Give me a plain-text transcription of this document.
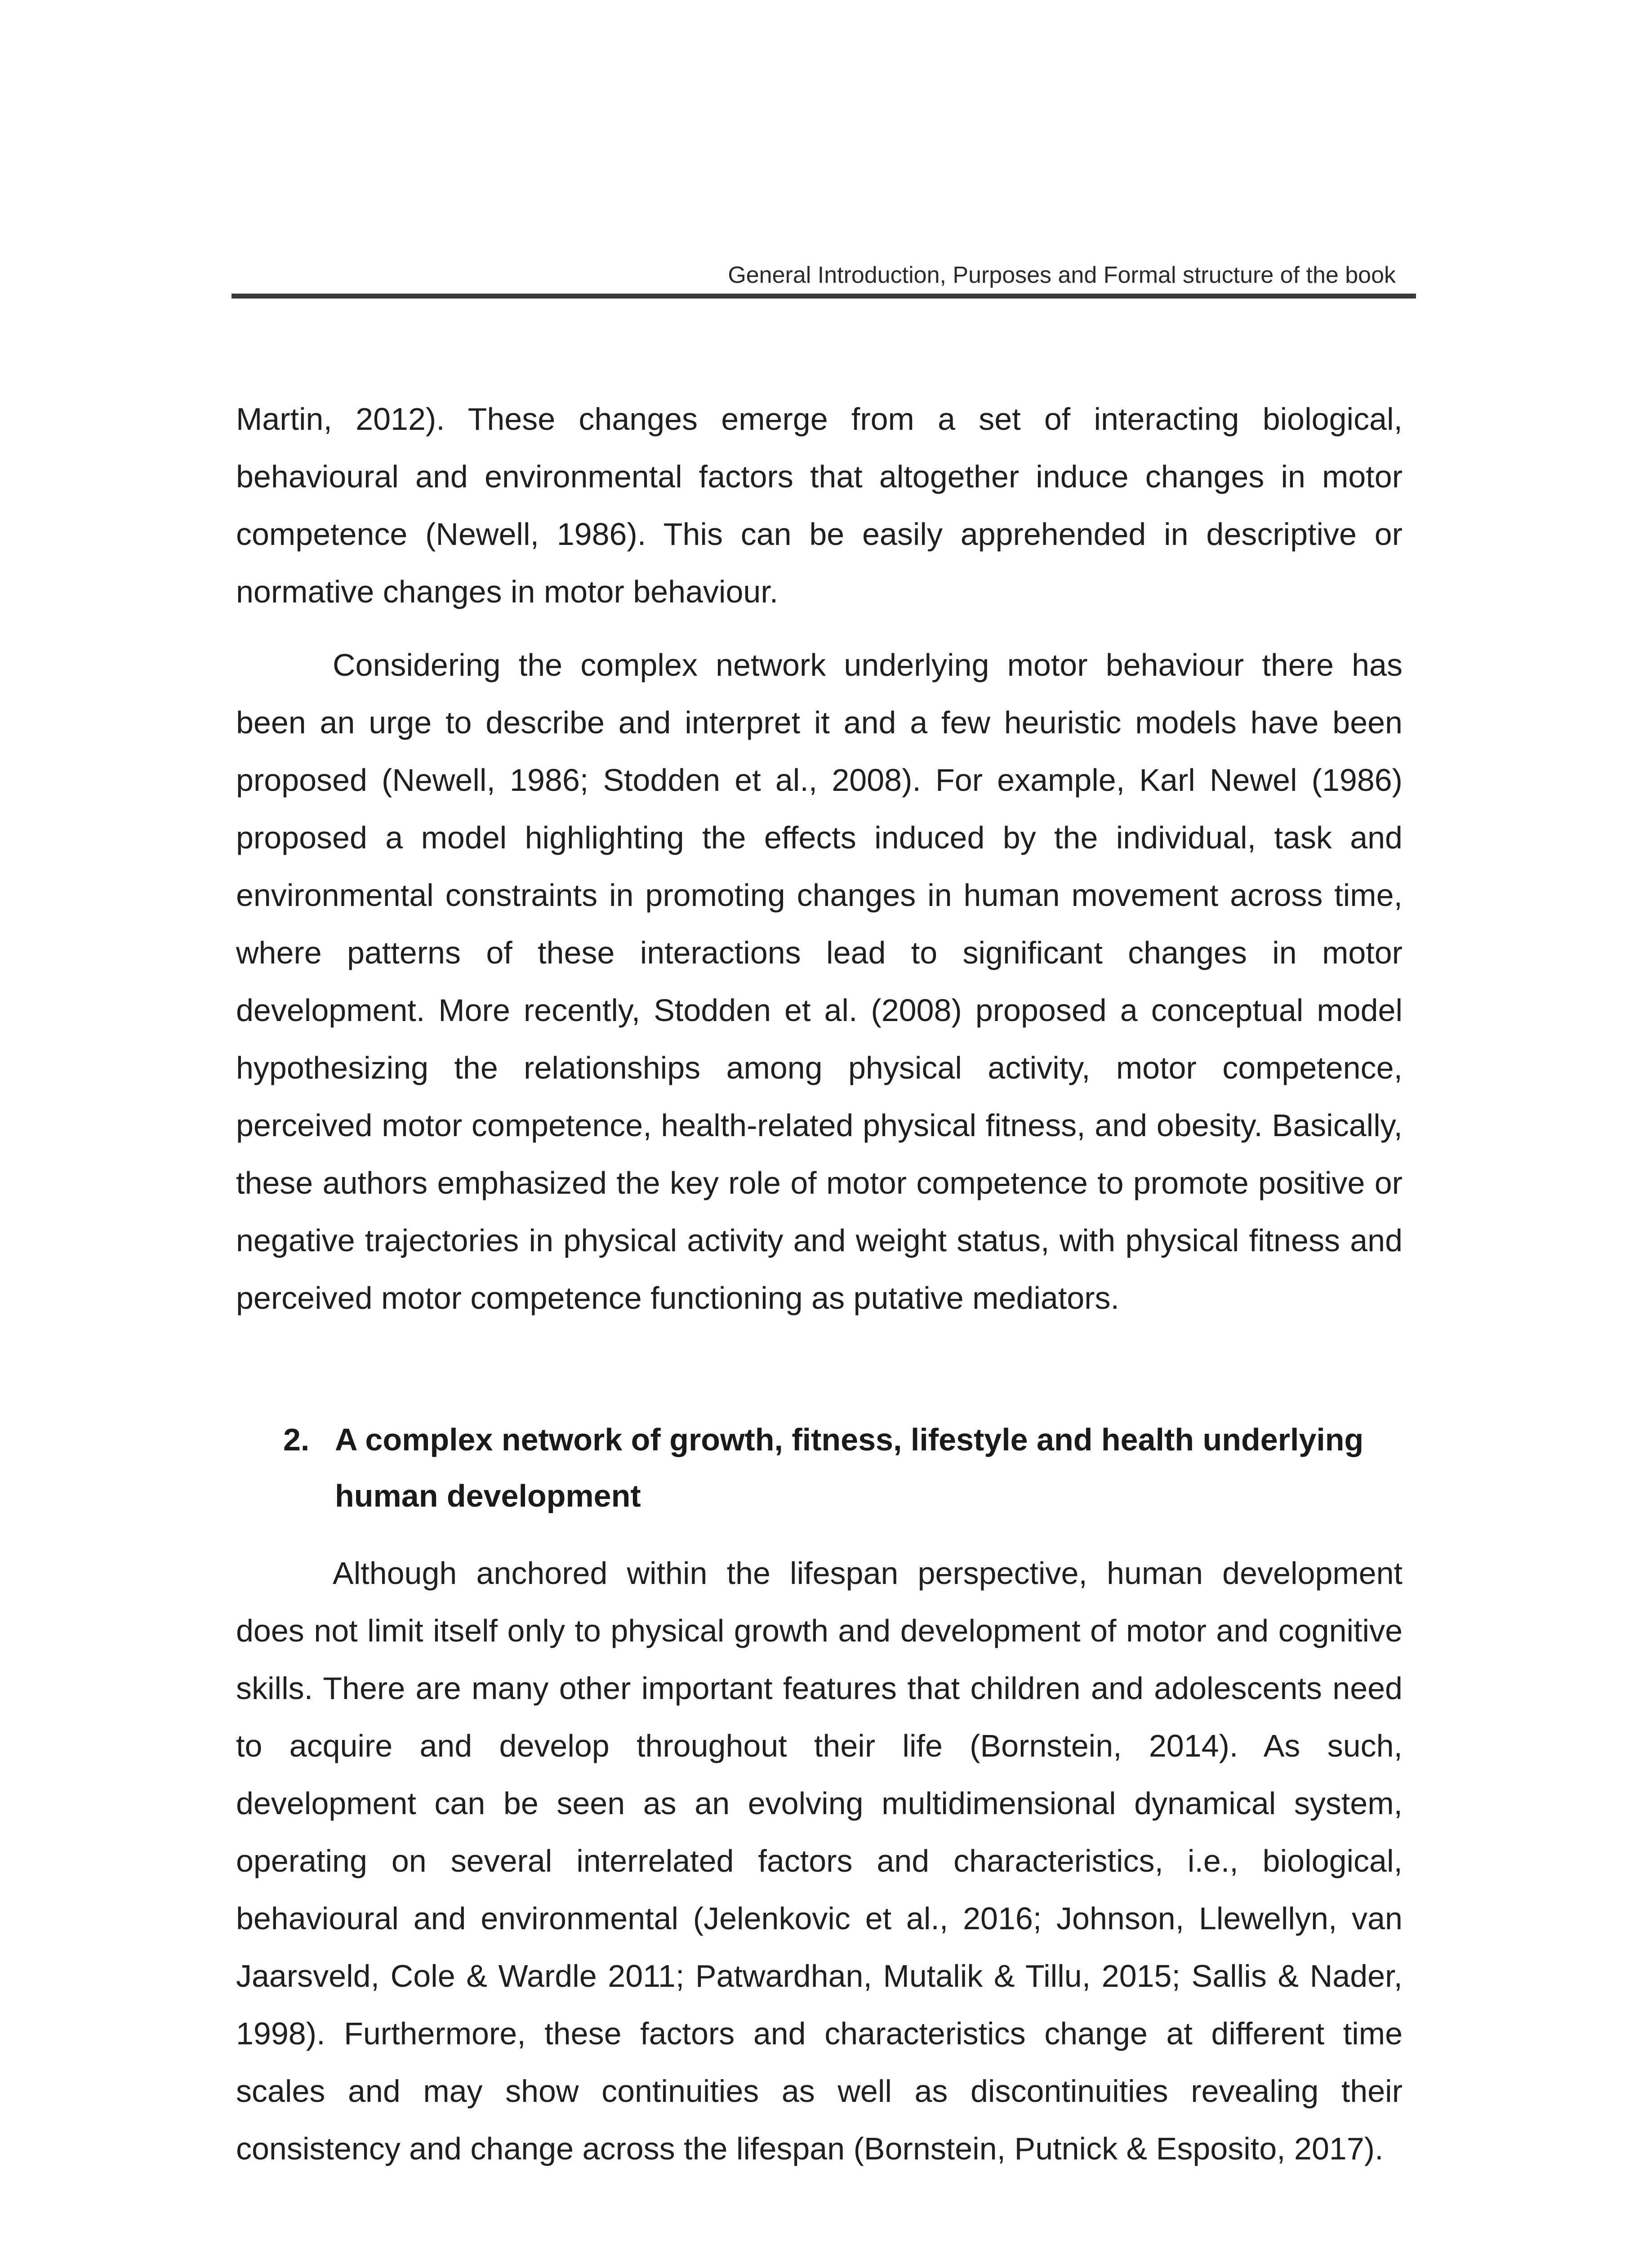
General Introduction, Purposes and Formal structure of the book

Martin, 2012). These changes emerge from a set of interacting biological, behavioural and environmental factors that altogether induce changes in motor competence (Newell, 1986). This can be easily apprehended in descriptive or normative changes in motor behaviour.

Considering the complex network underlying motor behaviour there has been an urge to describe and interpret it and a few heuristic models have been proposed (Newell, 1986; Stodden et al., 2008). For example, Karl Newel (1986) proposed a model highlighting the effects induced by the individual, task and environmental constraints in promoting changes in human movement across time, where patterns of these interactions lead to significant changes in motor development. More recently, Stodden et al. (2008) proposed a conceptual model hypothesizing the relationships among physical activity, motor competence, perceived motor competence, health-related physical fitness, and obesity. Basically, these authors emphasized the key role of motor competence to promote positive or negative trajectories in physical activity and weight status, with physical fitness and perceived motor competence functioning as putative mediators.

2. A complex network of growth, fitness, lifestyle and health underlying human development

Although anchored within the lifespan perspective, human development does not limit itself only to physical growth and development of motor and cognitive skills. There are many other important features that children and adolescents need to acquire and develop throughout their life (Bornstein, 2014). As such, development can be seen as an evolving multidimensional dynamical system, operating on several interrelated factors and characteristics, i.e., biological, behavioural and environmental (Jelenkovic et al., 2016; Johnson, Llewellyn, van Jaarsveld, Cole & Wardle 2011; Patwardhan, Mutalik & Tillu, 2015; Sallis & Nader, 1998). Furthermore, these factors and characteristics change at different time scales and may show continuities as well as discontinuities revealing their consistency and change across the lifespan (Bornstein, Putnick & Esposito, 2017).
